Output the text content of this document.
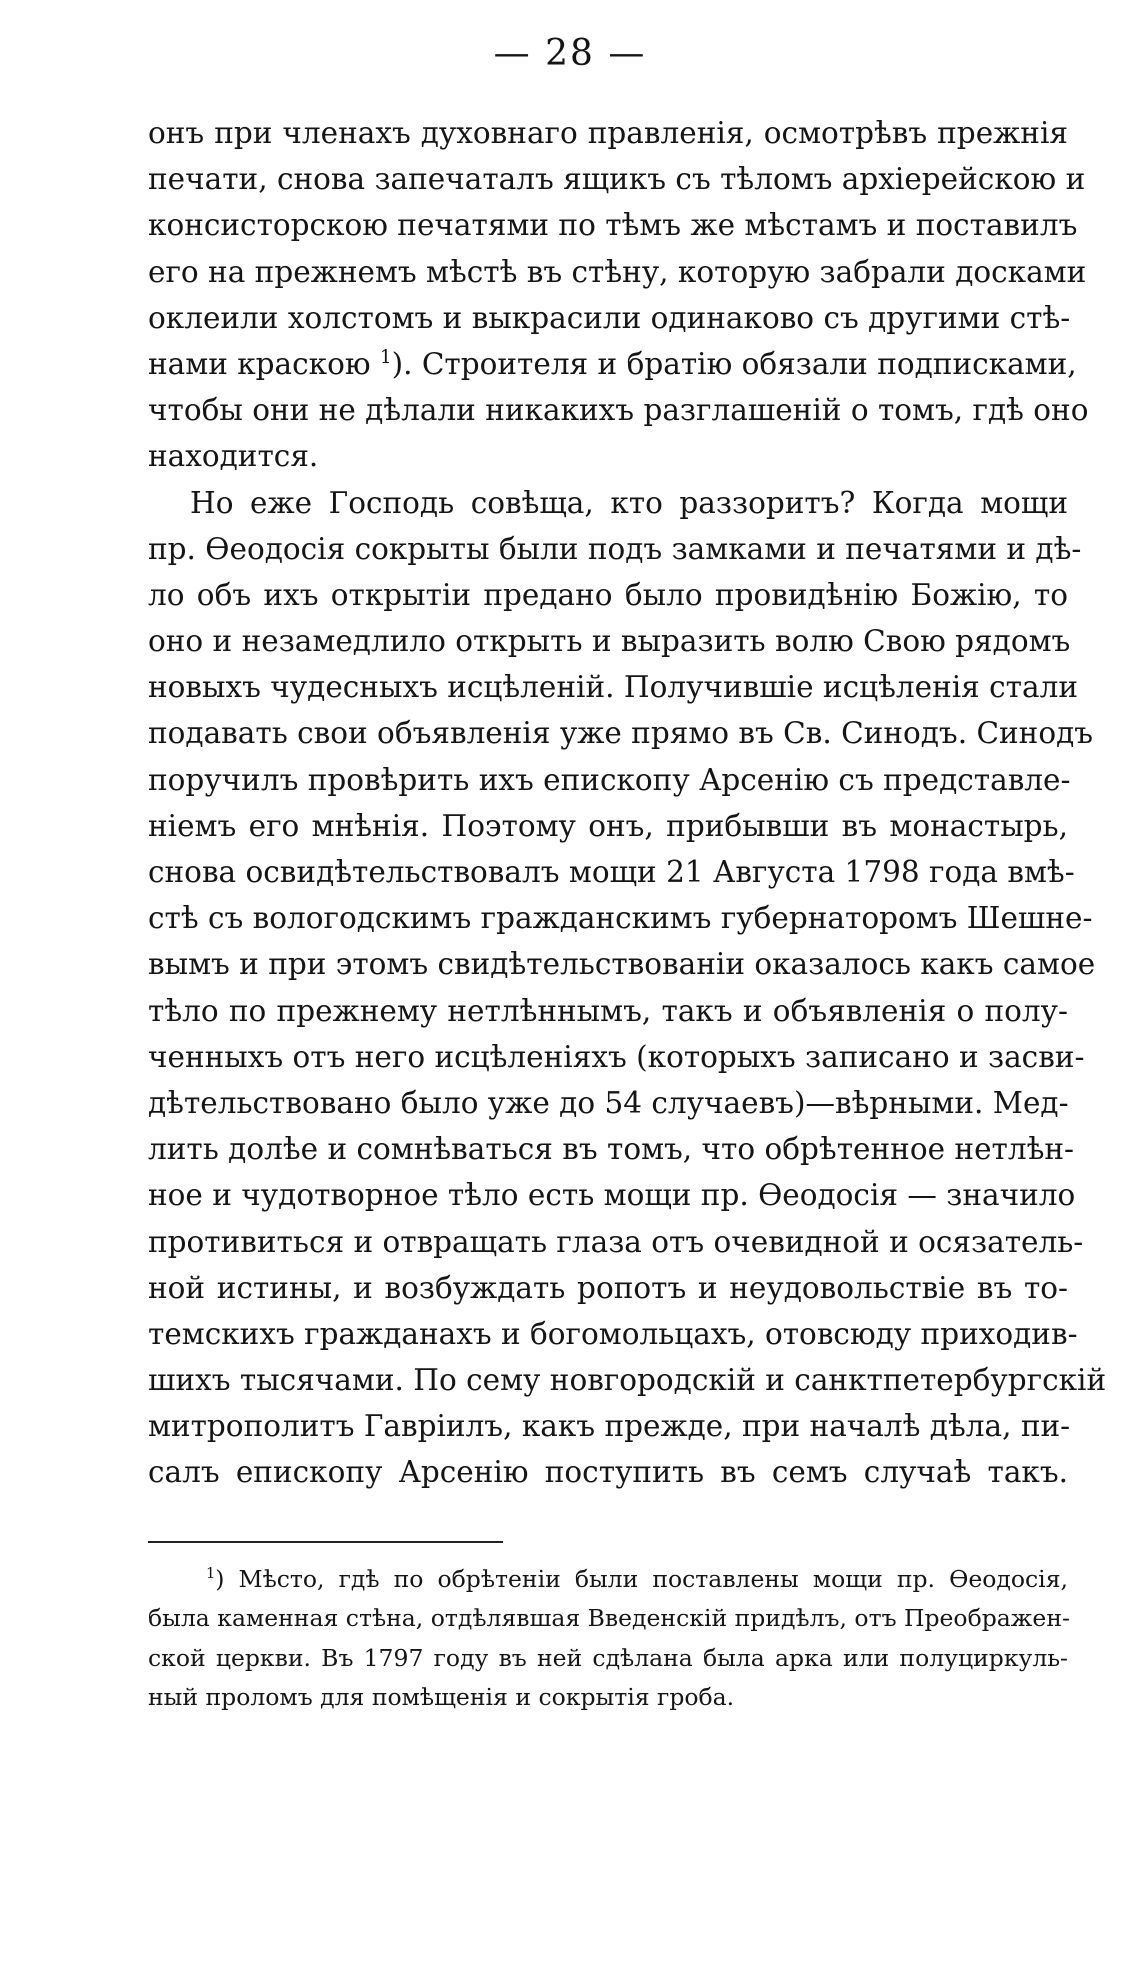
— 28 —
онъ при членахъ духовнаго правленія, осмотрѣвъ прежнія
печати, снова запечаталъ ящикъ съ тѣломъ архіерейскою и
консисторскою печатями по тѣмъ же мѣстамъ и поставилъ
его на прежнемъ мѣстѣ въ стѣну, которую забрали досками
оклеили холстомъ и выкрасили одинаково съ другими стѣ-
нами краскою $^1$). Строителя и братію обязали подписками,
чтобы они не дѣлали никакихъ разглашеній о томъ, гдѣ оно
находится.
Но еже Господь совѣща, кто раззоритъ? Когда мощи
пр. Ѳеодосія сокрыты были подъ замками и печатями и дѣ-
ло объ ихъ открытіи предано было провидѣнію Божію, то
оно и незамедлило открыть и выразить волю Свою рядомъ
новыхъ чудесныхъ исцѣленій. Получившіе исцѣленія стали
подавать свои объявленія уже прямо въ Св. Синодъ. Синодъ
поручилъ провѣрить ихъ епископу Арсенію съ представле-
ніемъ его мнѣнія. Поэтому онъ, прибывши въ монастырь,
снова освидѣтельствовалъ мощи 21 Августа 1798 года вмѣ-
стѣ съ вологодскимъ гражданскимъ губернаторомъ Шешне-
вымъ и при этомъ свидѣтельствованіи оказалось какъ самое
тѣло по прежнему нетлѣннымъ, такъ и объявленія о полу-
ченныхъ отъ него исцѣленіяхъ (которыхъ записано и засви-
дѣтельствовано было уже до 54 случаевъ)—вѣрными. Мед-
лить долѣе и сомнѣваться въ томъ, что обрѣтенное нетлѣн-
ное и чудотворное тѣло есть мощи пр. Ѳеодосія — значило
противиться и отвращать глаза отъ очевидной и осязатель-
ной истины, и возбуждать ропотъ и неудовольствіе въ то-
темскихъ гражданахъ и богомольцахъ, отовсюду приходив-
шихъ тысячами. По сему новгородскій и санктпетербургскій
митрополитъ Гавріилъ, какъ прежде, при началѣ дѣла, пи-
салъ епископу Арсенію поступить въ семъ случаѣ такъ.
$^1$) Мѣсто, гдѣ по обрѣтеніи были поставлены мощи пр. Ѳеодосія,
была каменная стѣна, отдѣлявшая Введенскій придѣлъ, отъ Преображен-
ской церкви. Въ 1797 году въ ней сдѣлана была арка или полуциркуль-
ный проломъ для помѣщенія и сокрытія гроба.
